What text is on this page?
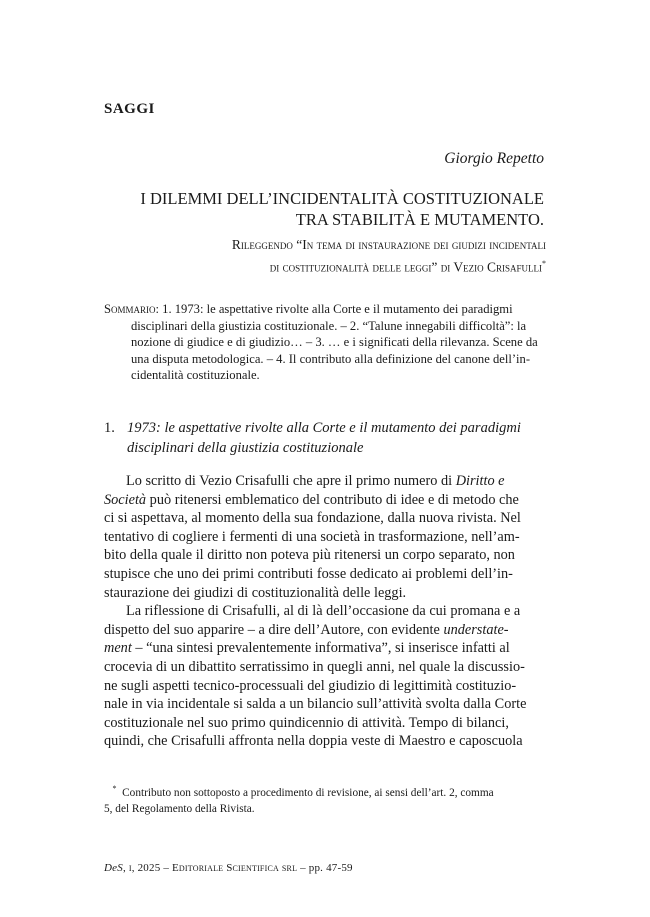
SAGGI
Giorgio Repetto
I DILEMMI DELL’INCIDENTALITÀ COSTITUZIONALE
TRA STABILITÀ E MUTAMENTO.
Rileggendo “In tema di instaurazione dei giudizi incidentali
di costituzionalità delle leggi” di Vezio Crisafulli*
Sommario: 1. 1973: le aspettative rivolte alla Corte e il mutamento dei paradigmi
disciplinari della giustizia costituzionale. – 2. “Talune innegabili difficoltà”: la
nozione di giudice e di giudizio… – 3. … e i significati della rilevanza. Scene da
una disputa metodologica. – 4. Il contributo alla definizione del canone dell’in-
cidentalità costituzionale.
1. 1973: le aspettative rivolte alla Corte e il mutamento dei paradigmi
disciplinari della giustizia costituzionale
Lo scritto di Vezio Crisafulli che apre il primo numero di Diritto e
Società può ritenersi emblematico del contributo di idee e di metodo che
ci si aspettava, al momento della sua fondazione, dalla nuova rivista. Nel
tentativo di cogliere i fermenti di una società in trasformazione, nell’am-
bito della quale il diritto non poteva più ritenersi un corpo separato, non
stupisce che uno dei primi contributi fosse dedicato ai problemi dell’in-
staurazione dei giudizi di costituzionalità delle leggi.
La riflessione di Crisafulli, al di là dell’occasione da cui promana e a
dispetto del suo apparire – a dire dell’Autore, con evidente understate-
ment – “una sintesi prevalentemente informativa”, si inserisce infatti al
crocevia di un dibattito serratissimo in quegli anni, nel quale la discussio-
ne sugli aspetti tecnico-processuali del giudizio di legittimità costituzio-
nale in via incidentale si salda a un bilancio sull’attività svolta dalla Corte
costituzionale nel suo primo quindicennio di attività. Tempo di bilanci,
quindi, che Crisafulli affronta nella doppia veste di Maestro e caposcuola
* Contributo non sottoposto a procedimento di revisione, ai sensi dell’art. 2, comma
5, del Regolamento della Rivista.
DeS, i, 2025 – Editoriale Scientifica srl – pp. 47-59
